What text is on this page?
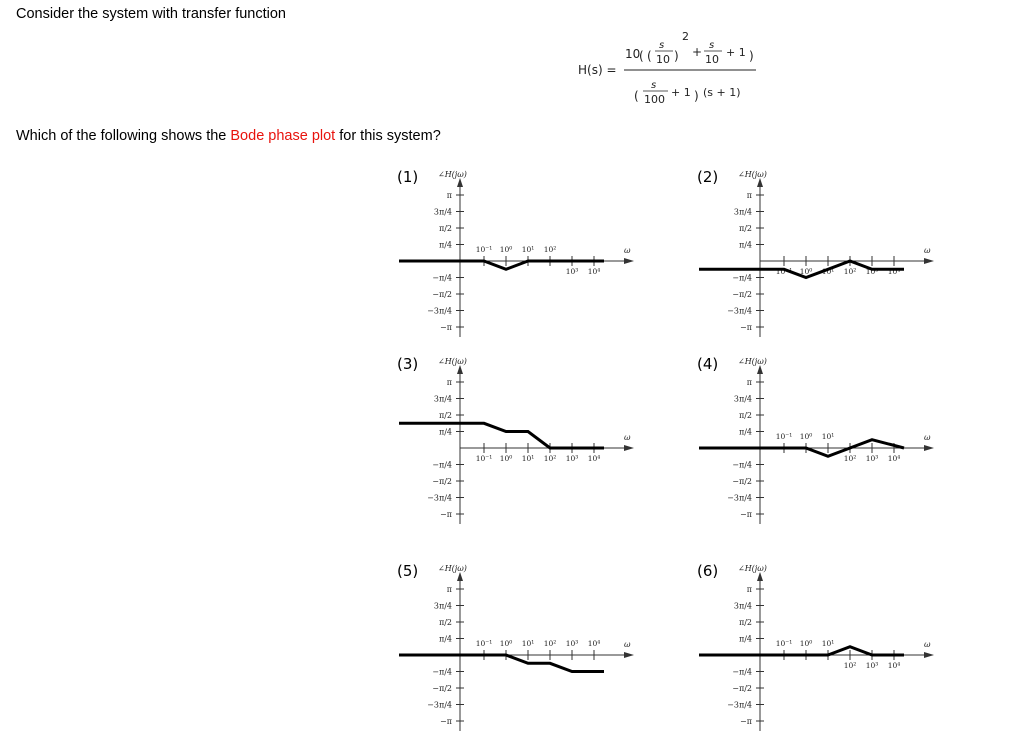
Consider the system with transfer function
H(s) =
10
( (
s
10 )
2
+ s
10
+ 1 )
(
s
100
+ 1 ) (s + 1)
Which of the following shows the Bode phase plot for this system?
(1)	(2)
(3)	(4)
(5)	(6)
∠H(jω)
ω
π
3π/4
π/2
π/4
−π/4
−π/2
−3π/4
−π
10⁻¹ 10⁰ 10¹ 10²
10³ 10⁴
∠H(jω)
ω
π
3π/4
π/2
π/4
−π/4
−π/2
−3π/4
−π
10⁻¹ 10⁰ 10¹ 10² 10³ 10⁴
∠H(jω)
ω
π
3π/4
π/2
π/4
−π/4
−π/2
−3π/4
−π
10⁻¹ 10⁰ 10¹ 10² 10³ 10⁴
∠H(jω)
ω
π
3π/4
π/2
π/4
−π/4
−π/2
−3π/4
−π
10⁻¹ 10⁰ 10¹
10² 10³ 10⁴
∠H(jω)
ω
π
3π/4
π/2
π/4
−π/4
−π/2
−3π/4
−π
10⁻¹ 10⁰ 10¹ 10² 10³ 10⁴
∠H(jω)
ω
π
3π/4
π/2
π/4
−π/4
−π/2
−3π/4
−π
10⁻¹ 10⁰ 10¹
10² 10³ 10⁴
